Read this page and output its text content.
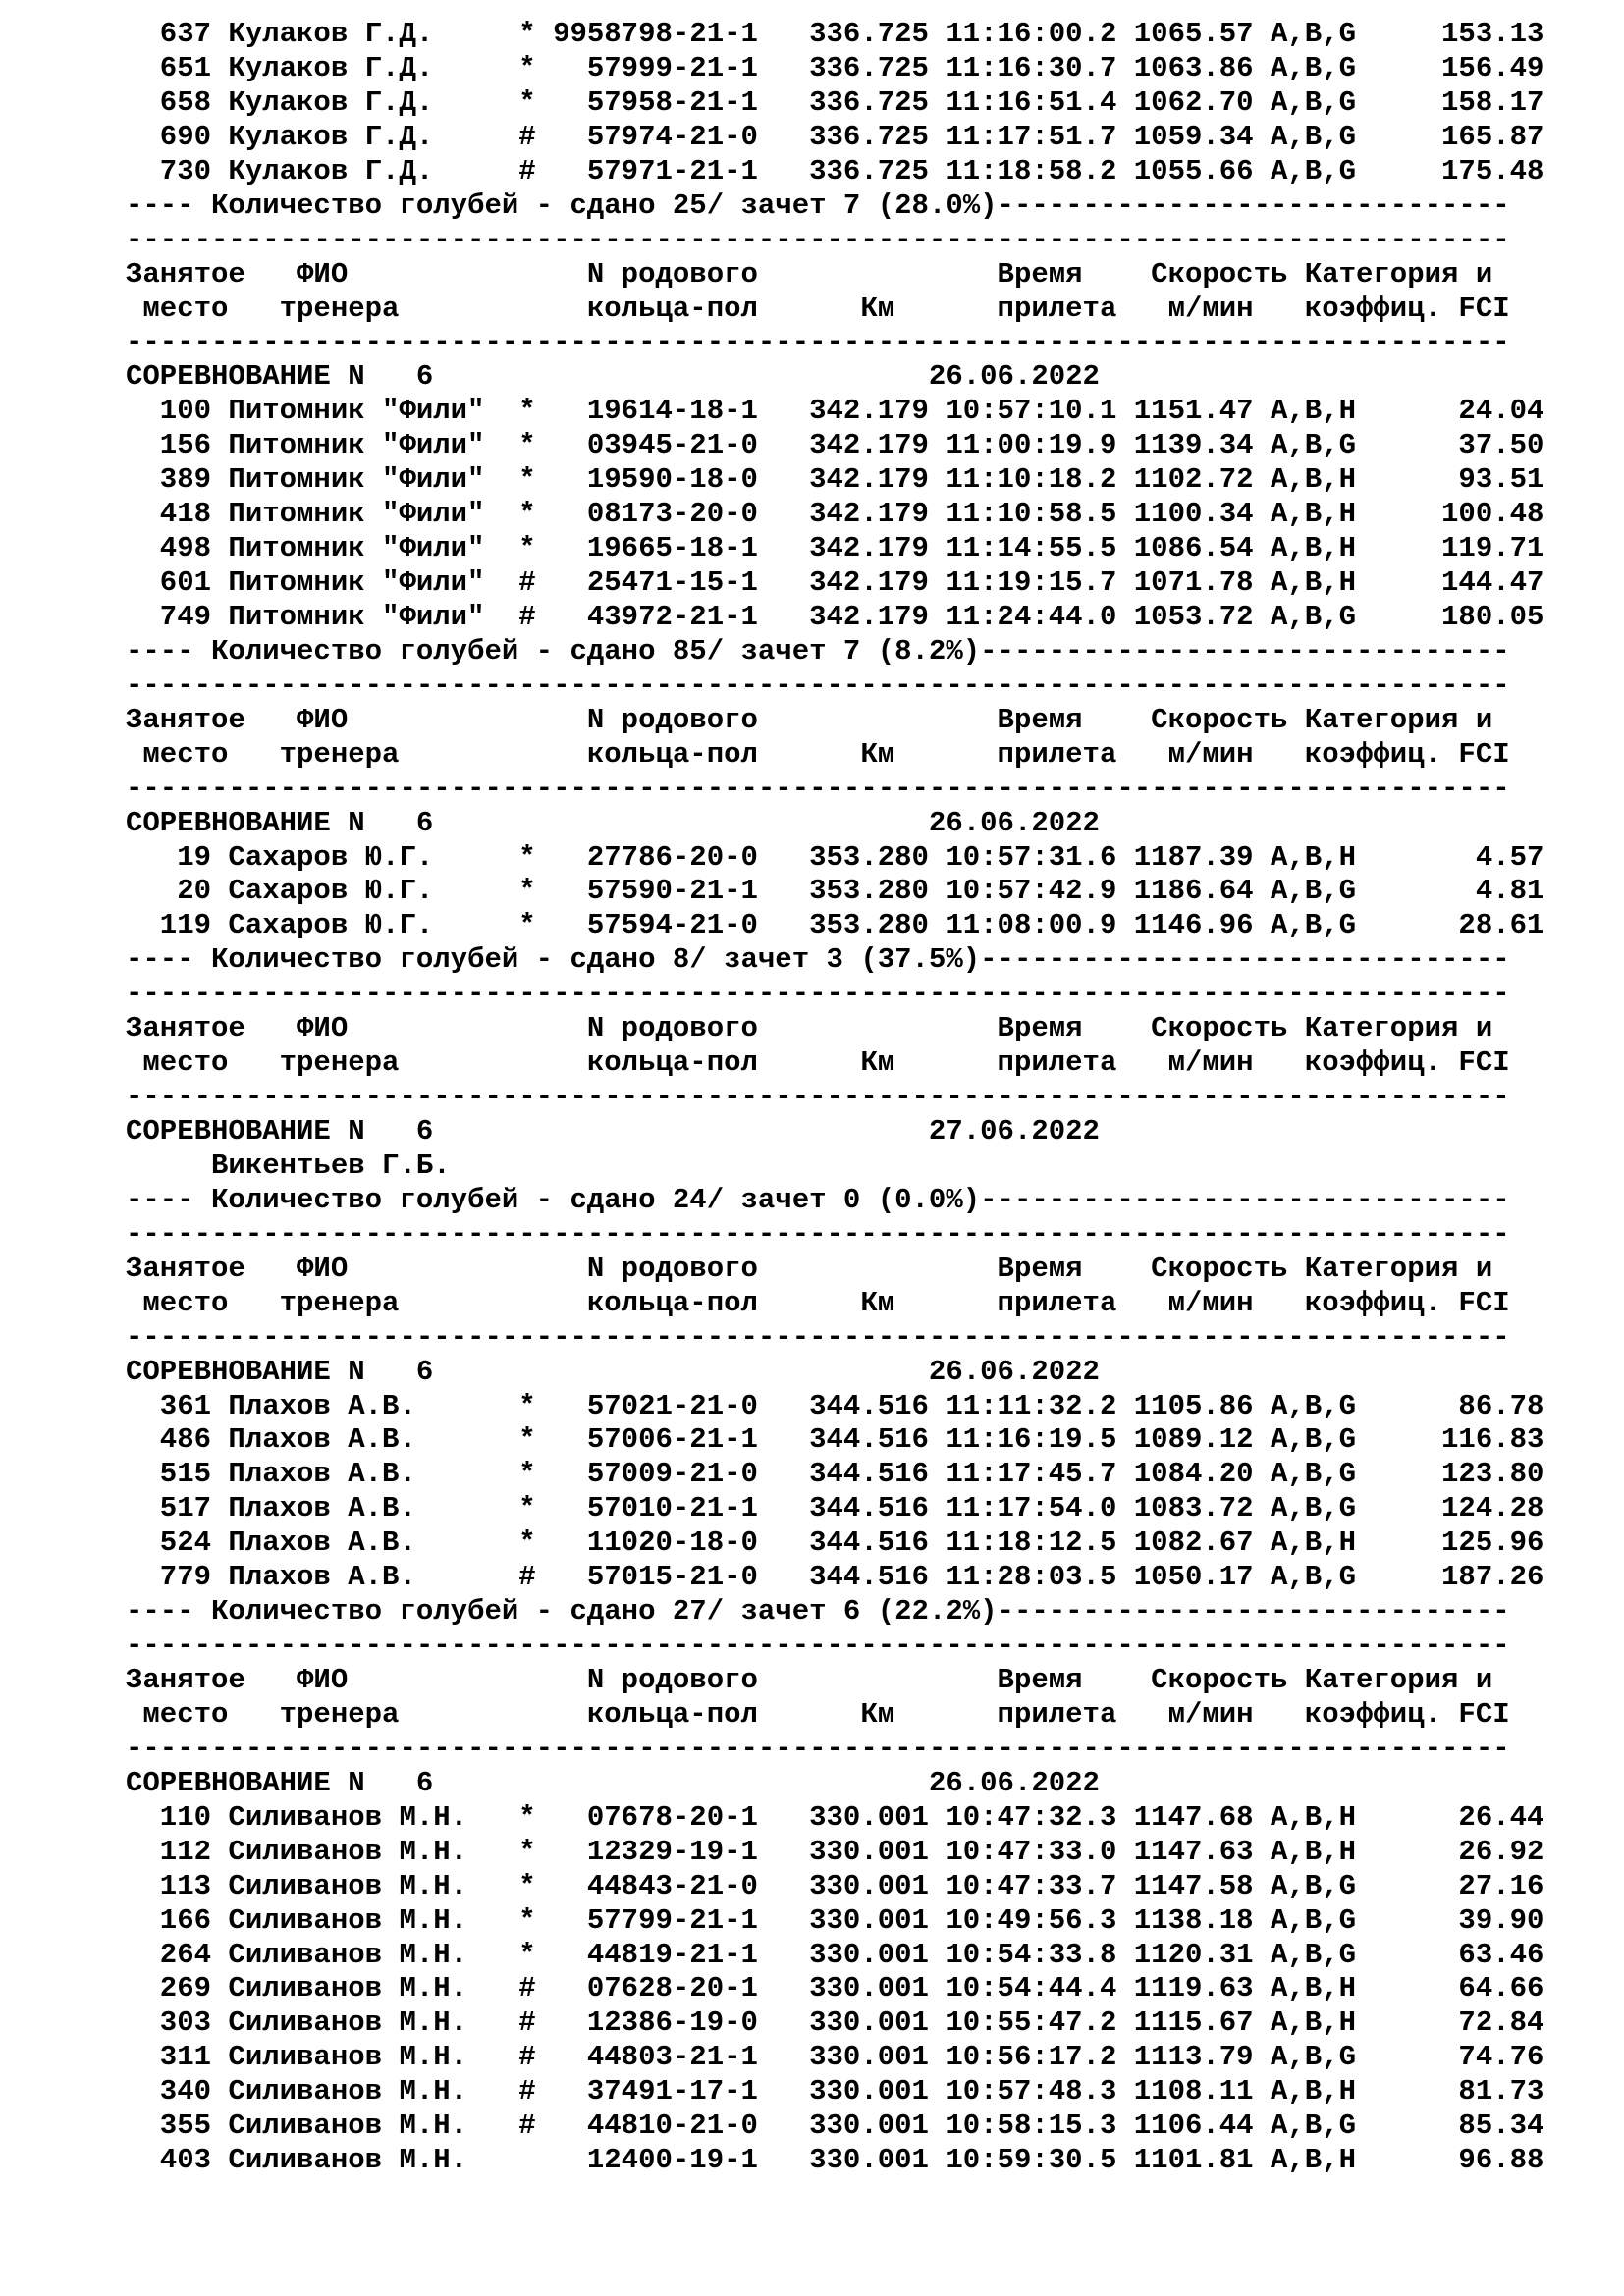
637 Кулаков Г.Д.     * 9958798-21-1   336.725 11:16:00.2 1065.57 A,B,G     153.13
651 Кулаков Г.Д.     *   57999-21-1   336.725 11:16:30.7 1063.86 A,B,G     156.49
658 Кулаков Г.Д.     *   57958-21-1   336.725 11:16:51.4 1062.70 A,B,G     158.17
690 Кулаков Г.Д.     #   57974-21-0   336.725 11:17:51.7 1059.34 A,B,G     165.87
730 Кулаков Г.Д.     #   57971-21-1   336.725 11:18:58.2 1055.66 A,B,G     175.48
---- Количество голубей - сдано 25/ зачет 7 (28.0%)------------------------------
---------------------------------------------------------------------------------
Занятое   ФИО              N родового              Время    Скорость Категория и
место   тренера           кольца-пол      Км      прилета   м/мин   коэффиц. FCI
---------------------------------------------------------------------------------
СОРЕВНОВАНИЕ N   6                             26.06.2022
100 Питомник "Фили"  *   19614-18-1   342.179 10:57:10.1 1151.47 A,B,H      24.04
156 Питомник "Фили"  *   03945-21-0   342.179 11:00:19.9 1139.34 A,B,G      37.50
389 Питомник "Фили"  *   19590-18-0   342.179 11:10:18.2 1102.72 A,B,H      93.51
418 Питомник "Фили"  *   08173-20-0   342.179 11:10:58.5 1100.34 A,B,H     100.48
498 Питомник "Фили"  *   19665-18-1   342.179 11:14:55.5 1086.54 A,B,H     119.71
601 Питомник "Фили"  #   25471-15-1   342.179 11:19:15.7 1071.78 A,B,H     144.47
749 Питомник "Фили"  #   43972-21-1   342.179 11:24:44.0 1053.72 A,B,G     180.05
---- Количество голубей - сдано 85/ зачет 7 (8.2%)-------------------------------
---------------------------------------------------------------------------------
Занятое   ФИО              N родового              Время    Скорость Категория и
место   тренера           кольца-пол      Км      прилета   м/мин   коэффиц. FCI
---------------------------------------------------------------------------------
СОРЕВНОВАНИЕ N   6                             26.06.2022
19 Сахаров Ю.Г.     *   27786-20-0   353.280 10:57:31.6 1187.39 A,B,H       4.57
20 Сахаров Ю.Г.     *   57590-21-1   353.280 10:57:42.9 1186.64 A,B,G       4.81
119 Сахаров Ю.Г.     *   57594-21-0   353.280 11:08:00.9 1146.96 A,B,G      28.61
---- Количество голубей - сдано 8/ зачет 3 (37.5%)-------------------------------
---------------------------------------------------------------------------------
Занятое   ФИО              N родового              Время    Скорость Категория и
место   тренера           кольца-пол      Км      прилета   м/мин   коэффиц. FCI
---------------------------------------------------------------------------------
СОРЕВНОВАНИЕ N   6                             27.06.2022
Викентьев Г.Б.
---- Количество голубей - сдано 24/ зачет 0 (0.0%)-------------------------------
---------------------------------------------------------------------------------
Занятое   ФИО              N родового              Время    Скорость Категория и
место   тренера           кольца-пол      Км      прилета   м/мин   коэффиц. FCI
---------------------------------------------------------------------------------
СОРЕВНОВАНИЕ N   6                             26.06.2022
361 Плахов А.В.      *   57021-21-0   344.516 11:11:32.2 1105.86 A,B,G      86.78
486 Плахов А.В.      *   57006-21-1   344.516 11:16:19.5 1089.12 A,B,G     116.83
515 Плахов А.В.      *   57009-21-0   344.516 11:17:45.7 1084.20 A,B,G     123.80
517 Плахов А.В.      *   57010-21-1   344.516 11:17:54.0 1083.72 A,B,G     124.28
524 Плахов А.В.      *   11020-18-0   344.516 11:18:12.5 1082.67 A,B,H     125.96
779 Плахов А.В.      #   57015-21-0   344.516 11:28:03.5 1050.17 A,B,G     187.26
---- Количество голубей - сдано 27/ зачет 6 (22.2%)------------------------------
---------------------------------------------------------------------------------
Занятое   ФИО              N родового              Время    Скорость Категория и
место   тренера           кольца-пол      Км      прилета   м/мин   коэффиц. FCI
---------------------------------------------------------------------------------
СОРЕВНОВАНИЕ N   6                             26.06.2022
110 Силиванов М.Н.   *   07678-20-1   330.001 10:47:32.3 1147.68 A,B,H      26.44
112 Силиванов М.Н.   *   12329-19-1   330.001 10:47:33.0 1147.63 A,B,H      26.92
113 Силиванов М.Н.   *   44843-21-0   330.001 10:47:33.7 1147.58 A,B,G      27.16
166 Силиванов М.Н.   *   57799-21-1   330.001 10:49:56.3 1138.18 A,B,G      39.90
264 Силиванов М.Н.   *   44819-21-1   330.001 10:54:33.8 1120.31 A,B,G      63.46
269 Силиванов М.Н.   #   07628-20-1   330.001 10:54:44.4 1119.63 A,B,H      64.66
303 Силиванов М.Н.   #   12386-19-0   330.001 10:55:47.2 1115.67 A,B,H      72.84
311 Силиванов М.Н.   #   44803-21-1   330.001 10:56:17.2 1113.79 A,B,G      74.76
340 Силиванов М.Н.   #   37491-17-1   330.001 10:57:48.3 1108.11 A,B,H      81.73
355 Силиванов М.Н.   #   44810-21-0   330.001 10:58:15.3 1106.44 A,B,G      85.34
403 Силиванов М.Н.       12400-19-1   330.001 10:59:30.5 1101.81 A,B,H      96.88
